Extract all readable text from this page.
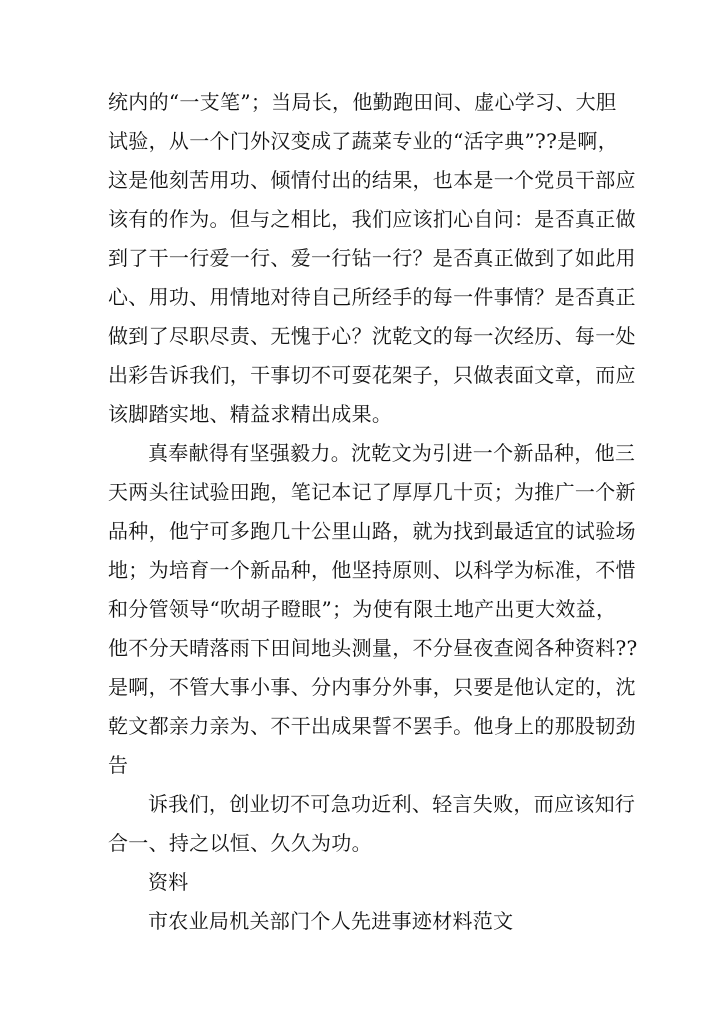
统内的“一支笔”；当局长，他勤跑田间、虚心学习、大胆
试验，从一个门外汉变成了蔬菜专业的“活字典”??是啊，
这是他刻苦用功、倾情付出的结果，也本是一个党员干部应
该有的作为。但与之相比，我们应该扪心自问：是否真正做
到了干一行爱一行、爱一行钻一行？是否真正做到了如此用
心、用功、用情地对待自己所经手的每一件事情？是否真正
做到了尽职尽责、无愧于心？沈乾文的每一次经历、每一处
出彩告诉我们，干事切不可耍花架子，只做表面文章，而应
该脚踏实地、精益求精出成果。
真奉献得有坚强毅力。沈乾文为引进一个新品种，他三
天两头往试验田跑，笔记本记了厚厚几十页；为推广一个新
品种，他宁可多跑几十公里山路，就为找到最适宜的试验场
地；为培育一个新品种，他坚持原则、以科学为标准，不惜
和分管领导“吹胡子瞪眼”；为使有限土地产出更大效益，
他不分天晴落雨下田间地头测量，不分昼夜查阅各种资料??
是啊，不管大事小事、分内事分外事，只要是他认定的，沈
乾文都亲力亲为、不干出成果誓不罢手。他身上的那股韧劲
告
诉我们，创业切不可急功近利、轻言失败，而应该知行
合一、持之以恒、久久为功。
资料
市农业局机关部门个人先进事迹材料范文
